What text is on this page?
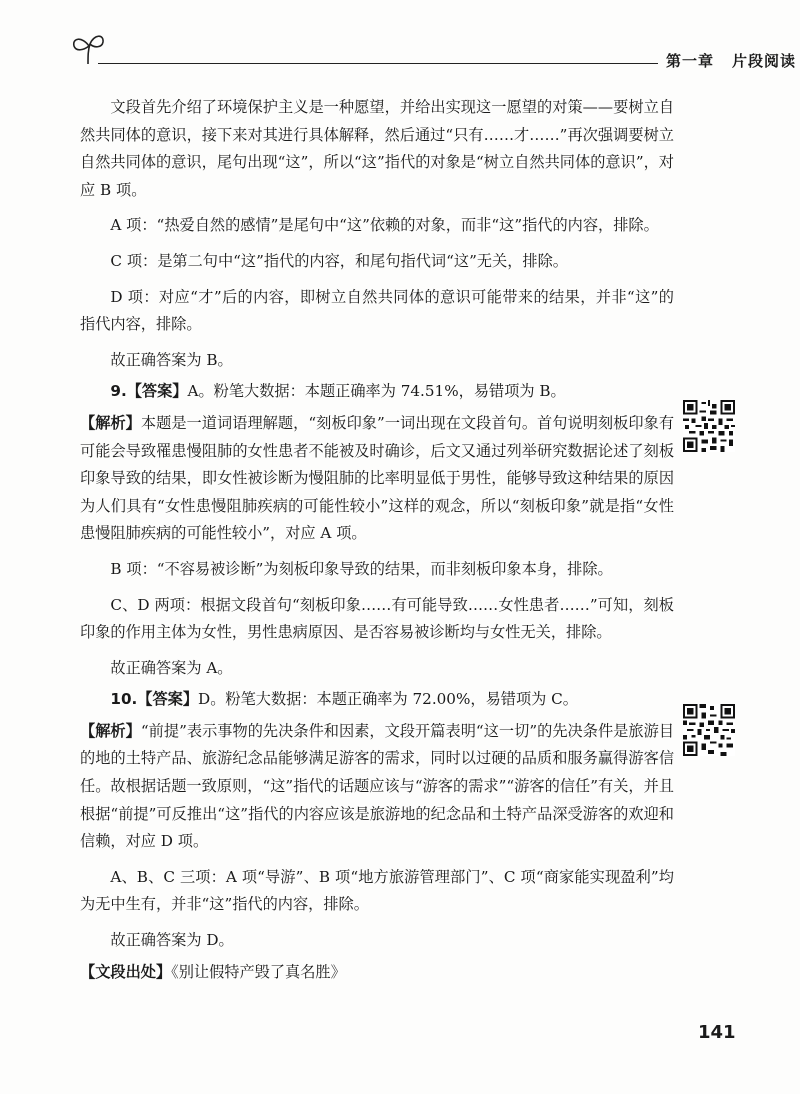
第一章 片段阅读

文段首先介绍了环境保护主义是一种愿望，并给出实现这一愿望的对策——要树立自然共同体的意识，接下来对其进行具体解释，然后通过“只有……才……”再次强调要树立自然共同体的意识，尾句出现“这”，所以“这”指代的对象是“树立自然共同体的意识”，对应 B 项。

A 项：“热爱自然的感情”是尾句中“这”依赖的对象，而非“这”指代的内容，排除。

C 项：是第二句中“这”指代的内容，和尾句指代词“这”无关，排除。

D 项：对应“才”后的内容，即树立自然共同体的意识可能带来的结果，并非“这”的指代内容，排除。

故正确答案为 B。

9.【答案】A。粉笔大数据：本题正确率为 74.51%，易错项为 B。

【解析】本题是一道词语理解题，“刻板印象”一词出现在文段首句。首句说明刻板印象有可能会导致罹患慢阻肺的女性患者不能被及时确诊，后文又通过列举研究数据论述了刻板印象导致的结果，即女性被诊断为慢阻肺的比率明显低于男性，能够导致这种结果的原因为人们具有“女性患慢阻肺疾病的可能性较小”这样的观念，所以“刻板印象”就是指“女性患慢阻肺疾病的可能性较小”，对应 A 项。

B 项：“不容易被诊断”为刻板印象导致的结果，而非刻板印象本身，排除。

C、D 两项：根据文段首句“刻板印象……有可能导致……女性患者……”可知，刻板印象的作用主体为女性，男性患病原因、是否容易被诊断均与女性无关，排除。

故正确答案为 A。

10.【答案】D。粉笔大数据：本题正确率为 72.00%，易错项为 C。

【解析】“前提”表示事物的先决条件和因素，文段开篇表明“这一切”的先决条件是旅游目的地的土特产品、旅游纪念品能够满足游客的需求，同时以过硬的品质和服务赢得游客信任。故根据话题一致原则，“这”指代的话题应该与“游客的需求”“游客的信任”有关，并且根据“前提”可反推出“这”指代的内容应该是旅游地的纪念品和土特产品深受游客的欢迎和信赖，对应 D 项。

A、B、C 三项：A 项“导游”、B 项“地方旅游管理部门”、C 项“商家能实现盈利”均为无中生有，并非“这”指代的内容，排除。

故正确答案为 D。

【文段出处】《别让假特产毁了真名胜》

141
